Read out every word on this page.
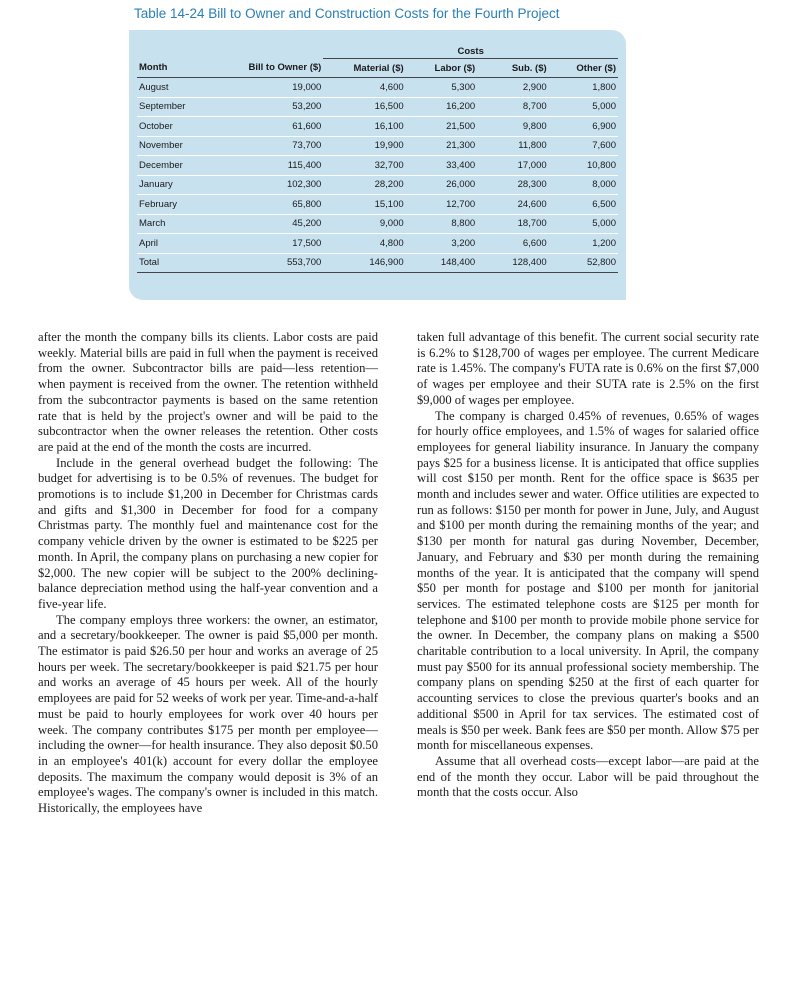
Table 14-24 Bill to Owner and Construction Costs for the Fourth Project
		Costs			
Month	Bill to Owner ($)	Material ($)	Labor ($)	Sub. ($)	Other ($)
August	19,000	4,600	5,300	2,900	1,800
September	53,200	16,500	16,200	8,700	5,000
October	61,600	16,100	21,500	9,800	6,900
November	73,700	19,900	21,300	11,800	7,600
December	115,400	32,700	33,400	17,000	10,800
January	102,300	28,200	26,000	28,300	8,000
February	65,800	15,100	12,700	24,600	6,500
March	45,200	9,000	8,800	18,700	5,000
April	17,500	4,800	3,200	6,600	1,200
Total	553,700	146,900	148,400	128,400	52,800

after the month the company bills its clients. Labor costs are paid weekly. Material bills are paid in full when the payment is received from the owner. Subcontractor bills are paid—less retention—when payment is received from the owner. The retention withheld from the subcontractor payments is based on the same retention rate that is held by the project's owner and will be paid to the subcontractor when the owner releases the retention. Other costs are paid at the end of the month the costs are incurred.

Include in the general overhead budget the following: The budget for advertising is to be 0.5% of revenues. The budget for promotions is to include $1,200 in December for Christmas cards and gifts and $1,300 in December for food for a company Christmas party. The monthly fuel and maintenance cost for the company vehicle driven by the owner is estimated to be $225 per month. In April, the company plans on purchasing a new copier for $2,000. The new copier will be subject to the 200% declining-balance depreciation method using the half-year convention and a five-year life.

The company employs three workers: the owner, an estimator, and a secretary/bookkeeper. The owner is paid $5,000 per month. The estimator is paid $26.50 per hour and works an average of 25 hours per week. The secretary/bookkeeper is paid $21.75 per hour and works an average of 45 hours per week. All of the hourly employees are paid for 52 weeks of work per year. Time-and-a-half must be paid to hourly employees for work over 40 hours per week. The company contributes $175 per month per employee—including the owner—for health insurance. They also deposit $0.50 in an employee's 401(k) account for every dollar the employee deposits. The maximum the company would deposit is 3% of an employee's wages. The company's owner is included in this match. Historically, the employees have

taken full advantage of this benefit. The current social security rate is 6.2% to $128,700 of wages per employee. The current Medicare rate is 1.45%. The company's FUTA rate is 0.6% on the first $7,000 of wages per employee and their SUTA rate is 2.5% on the first $9,000 of wages per employee.

The company is charged 0.45% of revenues, 0.65% of wages for hourly office employees, and 1.5% of wages for salaried office employees for general liability insurance. In January the company pays $25 for a business license. It is anticipated that office supplies will cost $150 per month. Rent for the office space is $635 per month and includes sewer and water. Office utilities are expected to run as follows: $150 per month for power in June, July, and August and $100 per month during the remaining months of the year; and $130 per month for natural gas during November, December, January, and February and $30 per month during the remaining months of the year. It is anticipated that the company will spend $50 per month for postage and $100 per month for janitorial services. The estimated telephone costs are $125 per month for telephone and $100 per month to provide mobile phone service for the owner. In December, the company plans on making a $500 charitable contribution to a local university. In April, the company must pay $500 for its annual professional society membership. The company plans on spending $250 at the first of each quarter for accounting services to close the previous quarter's books and an additional $500 in April for tax services. The estimated cost of meals is $50 per week. Bank fees are $50 per month. Allow $75 per month for miscellaneous expenses.

Assume that all overhead costs—except labor—are paid at the end of the month they occur. Labor will be paid throughout the month that the costs occur. Also
